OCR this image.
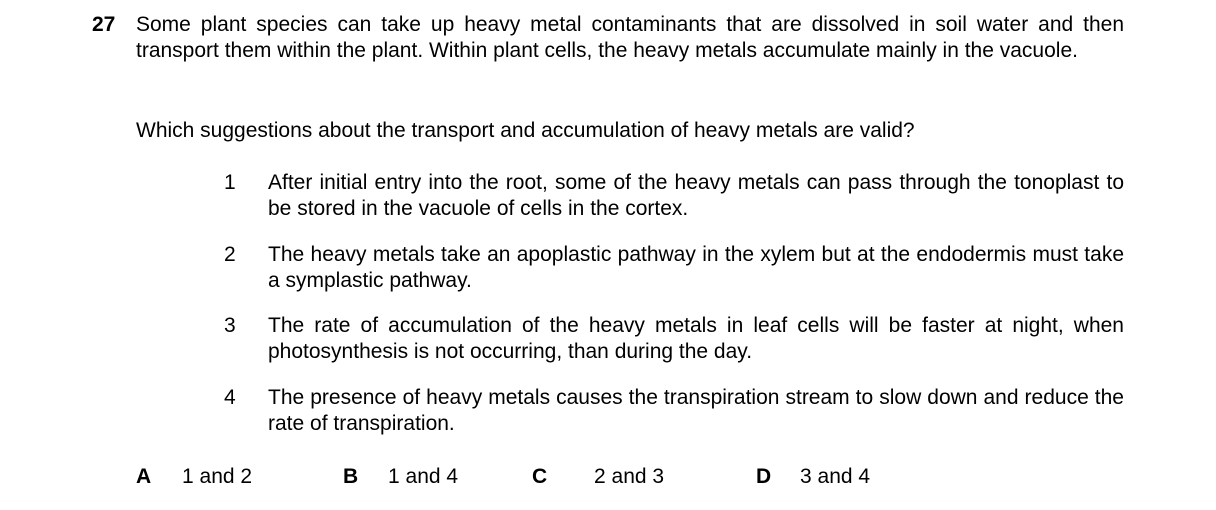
27 Some plant species can take up heavy metal contaminants that are dissolved in soil water and then transport them within the plant. Within plant cells, the heavy metals accumulate mainly in the vacuole.
Which suggestions about the transport and accumulation of heavy metals are valid?
1 After initial entry into the root, some of the heavy metals can pass through the tonoplast to be stored in the vacuole of cells in the cortex.
2 The heavy metals take an apoplastic pathway in the xylem but at the endodermis must take a symplastic pathway.
3 The rate of accumulation of the heavy metals in leaf cells will be faster at night, when photosynthesis is not occurring, than during the day.
4 The presence of heavy metals causes the transpiration stream to slow down and reduce the rate of transpiration.
A 1 and 2	B 1 and 4	C 2 and 3	D 3 and 4
